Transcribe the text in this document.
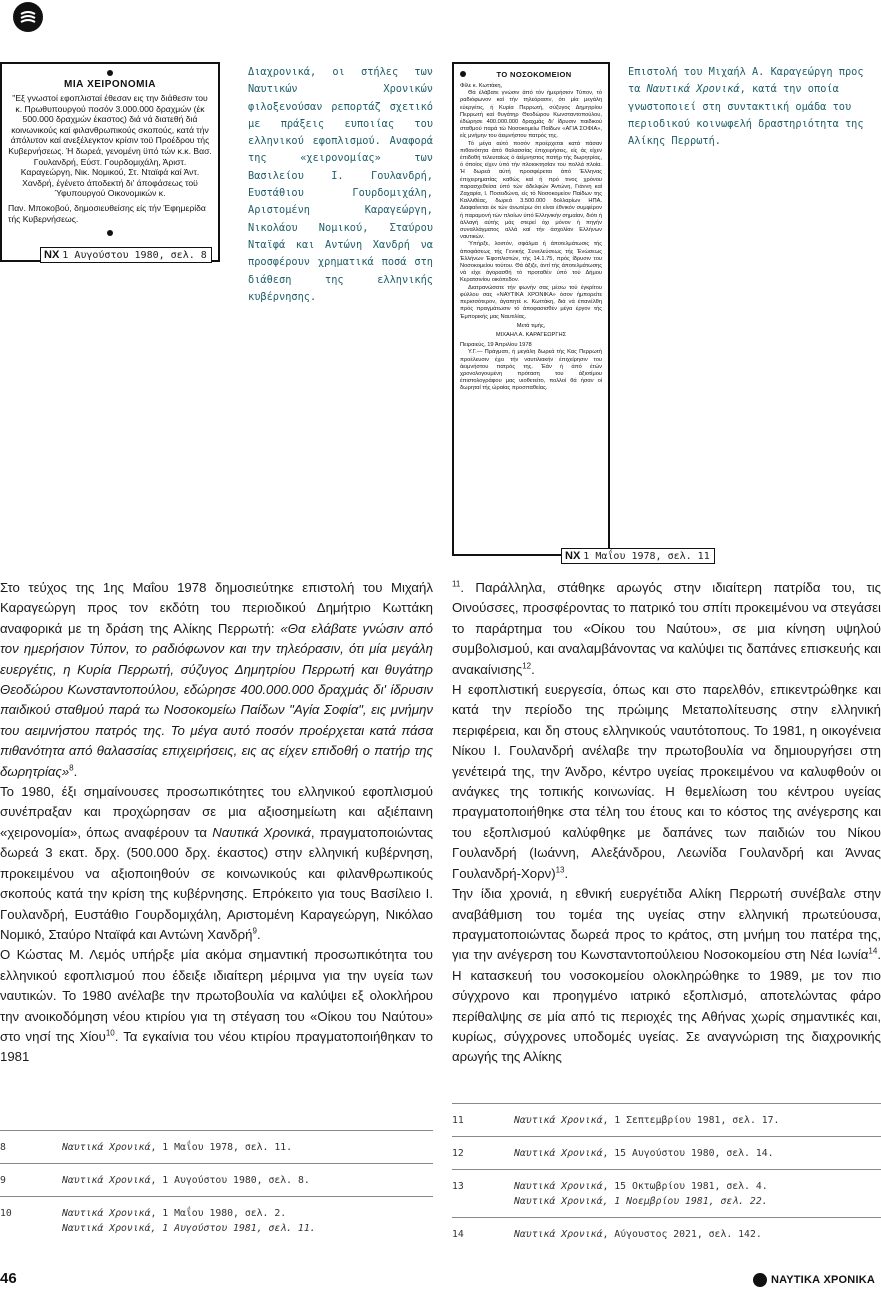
ΜΙΑ ΧΕΙΡΟΝΟΜΙΑ
"Εξ γνωστοί εφοπλισταί έθεσαν εις την διάθεσιν του κ. Πρωθυπουργού ποσόν 3.000.000 δραχμών (έκ 500.000 δραχμών έκαστος) διά νά διατεθή διά κοινωνικούς καί φιλανθρωπικούς σκοπούς, κατά τήν άπόλυτον καί ανεξέλεγκτον κρίσιν τοϋ Προέδρου τής Κυβερνήσεως. Ή δωρεά, γενομένη ϋπό τών κ.κ. Βασ. Γουλανδρή, Εύστ. Γουρδομιχάλη, Άριστ. Καραγεώργη, Νικ. Νομικού, Στ. Νταϊφά καί Άντ. Χανδρή, έγένετο άποδεκτή δι' άποφάσεως τοϋ Ύφυπουργού Οικονομικών κ.
Παν. Μποκοβού, δημοσιευθείσης είς τήν Έφημερίδα τής Κυβερνήσεως.
NX 1 Αυγούστου 1980, σελ. 8
Διαχρονικά, οι στήλες των Ναυτικών Χρονικών φιλοξενούσαν ρεπορτάζ σχετικό με πράξεις ευποιίας του ελληνικού εφοπλισμού. Αναφορά της «χειρονομίας» των Βασιλείου Ι. Γουλανδρή, Ευστάθιου Γουρδομιχάλη, Αριστομένη Καραγεώργη, Νικολάου Νομικού, Σταύρου Νταϊφά και Αντώνη Χανδρή να προσφέρουν χρηματικά ποσά στη διάθεση της ελληνικής κυβέρνησης.
ΤΟ ΝΟΣΟΚΟΜΕΙΟΝ
Φίλε κ. Κωττάκη,

Θά έλάβατε γνώσιν άπό τόν ήμερήσιον Τύπον, τό ραδιόφωνον καί τήν τηλεόρασιν, ότι μία μεγάλη εύεργέτις, ή Κυρία Περρωτή, σύζυγος Δημητρίου Περρωτή καί θυγάτηρ Θεοδώρου Κωνσταντοπούλου, έδώρησε 400.000.000 δραχμάς δι' ίδρυσιν παιδικού σταθμού παρά τώ Νοσοκομείω Παίδων «ΑΓΙΑ ΣΟΦΙΑ», είς μνήμην του άειμνήστου πατρός της.

Τό μέγα αύτό ποσόν προέρχεται κατά πάσαν πιθανότητα άπό θαλασσίας έπιχειρήσεις, είς άς είχεν έπιδοθή τελευταίως ό άείμνηστος πατήρ τής δωρητρίας, ό όποίος είχεν ύπό τήν πλοιοκτησίαν του πολλά πλοία. Ή δωρεά αύτή προσφέρεται άπό Έλληνας έπιχειρηματίας καθώς καί ή πρό τινος χρόνου παρασχεθείσα ύπό τών άδελφών Άντώνη, Γιάννη καί Ζαχαρία, Ι. Ποσειδώνα, είς τό Νοσοκομείον Παίδων της Καλλιθέας, δωρεά 3.500.000 δολλαρίων ΗΠΑ. Διαφαίνεται έκ τών άνωτέρω ότι είναι έθνικόν συμφέρον ή παραμονή τών πλοίων ύπό Ελληνικήν σημαίαν, διότι ή άλλαγή αύτής μάς στερεί όχι μόνον ή πηγήν συναλλάγματος αλλά καί τήν άσχολίαν Ελλήνων ναυτικών.

Ύπήρξε, λοιπόν, σφάλμα ή άποτελμάτωσις τής άποφάσεως τής Γενικής Συνελεύσεως τής Ένώσεως Έλλήνων Έφοπλιστών, τής 14.1.75, πρός ίδρυσιν του Νοσοκομείου τούτου. Θά άξιζε, άντί τής άποτελμάτωσης νά είχε άγορασθή τό προταθέν ύπό τού Δήμου Κερατσινίου οικόπεδον.

Διατρανώσατε τήν φωνήν σας μέσω τού έγκρίτου φύλλου σας «ΝΑΥΤΙΚΑ ΧΡΟΝΙΚΑ» όσον ήμπορείτε περισσότερον, άγαπητέ κ. Κωττάκη, διά νά έπανέλθη πρός πραγμάτωσιν τό άποφασισθέν μέγα έργον τής Έμπορικής μας Ναυτιλίας.

Μετά τιμής,
ΜΙΧΑΗΛ Α. ΚΑΡΑΓΕΩΡΓΗΣ
Πειραιεύς, 19 Άπριλίου 1978

Υ.Γ.— Πράγματι, ή μεγάλη δωρεά τής Κας Περρωτή προέλευσιν έχει τήν ναυτιλιακήν έπιχείρησιν του άειμνήστου πατρός της. Έάν ή άπό έτών χρονολογουμένη πρόταση του άξιοτίμου έπιστολογράφου μας υιοθετείτο, πολλοί θά ήσαν οί δωρηταί τής ώραίας προσπαθείας.

NX 1 Μαΐου 1978, σελ. 11
Επιστολή του Μιχαήλ Α. Καραγεώργη προς τα Ναυτικά Χρονικά, κατά την οποία γνωστοποιεί στη συντακτική ομάδα του περιοδικού κοινωφελή δραστηριότητα της Αλίκης Περρωτή.

Στο τεύχος της 1ης Μαΐου 1978 δημοσιεύτηκε επιστολή του Μιχαήλ Καραγεώργη προς τον εκδότη του περιοδικού Δημήτριο Κωττάκη αναφορικά με τη δράση της Αλίκης Περρωτή: «Θα ελάβατε γνώσιν από τον ημερήσιον Τύπον, το ραδιόφωνον και την τηλεόρασιν, ότι μία μεγάλη ευεργέτις, η Κυρία Περρωτή, σύζυγος Δημητρίου Περρωτή και θυγάτηρ Θεοδώρου Κωνσταντοπούλου, εδώρησε 400.000.000 δραχμάς δι' ίδρυσιν παιδικού σταθμού παρά τω Νοσοκομείω Παίδων "Αγία Σοφία", εις μνήμην του αειμνήστου πατρός της. Το μέγα αυτό ποσόν προέρχεται κατά πάσα πιθανότητα από θαλασσίας επιχειρήσεις, εις ας είχεν επιδοθή ο πατήρ της δωρητρίας»$^8$.

Το 1980, έξι σημαίνουσες προσωπικότητες του ελληνικού εφοπλισμού συνέπραξαν και προχώρησαν σε μια αξιοσημείωτη και αξιέπαινη «χειρονομία», όπως αναφέρουν τα Ναυτικά Χρονικά, πραγματοποιώντας δωρεά 3 εκατ. δρχ. (500.000 δρχ. έκαστος) στην ελληνική κυβέρνηση, προκειμένου να αξιοποιηθούν σε κοινωνικούς και φιλανθρωπικούς σκοπούς κατά την κρίση της κυβέρνησης. Επρόκειτο για τους Βασίλειο Ι. Γουλανδρή, Ευστάθιο Γουρδομιχάλη, Αριστομένη Καραγεώργη, Νικόλαο Νομικό, Σταύρο Νταϊφά και Αντώνη Χανδρή$^9$.

Ο Κώστας Μ. Λεμός υπήρξε μία ακόμα σημαντική προσωπικότητα του ελληνικού εφοπλισμού που έδειξε ιδιαίτερη μέριμνα για την υγεία των ναυτικών. Το 1980 ανέλαβε την πρωτοβουλία να καλύψει εξ ολοκλήρου την ανοικοδόμηση νέου κτιρίου για τη στέγαση του «Οίκου του Ναύτου» στο νησί της Χίου$^{10}$. Τα εγκαίνια του νέου κτιρίου πραγματοποιήθηκαν το 1981

$^{11}$. Παράλληλα, στάθηκε αρωγός στην ιδιαίτερη πατρίδα του, τις Οινούσσες, προσφέροντας το πατρικό του σπίτι προκειμένου να στεγάσει το παράρτημα του «Οίκου του Ναύτου», σε μια κίνηση υψηλού συμβολισμού, και αναλαμβάνοντας να καλύψει τις δαπάνες επισκευής και ανακαίνισης$^{12}$.

Η εφοπλιστική ευεργεσία, όπως και στο παρελθόν, επικεντρώθηκε και κατά την περίοδο της πρώιμης Μεταπολίτευσης στην ελληνική περιφέρεια, και δη στους ελληνικούς ναυτότοπους. Το 1981, η οικογένεια Νίκου Ι. Γουλανδρή ανέλαβε την πρωτοβουλία να δημιουργήσει στη γενέτειρά της, την Άνδρο, κέντρο υγείας προκειμένου να καλυφθούν οι ανάγκες της τοπικής κοινωνίας. Η θεμελίωση του κέντρου υγείας πραγματοποιήθηκε στα τέλη του έτους και το κόστος της ανέγερσης και του εξοπλισμού καλύφθηκε με δαπάνες των παιδιών του Νίκου Γουλανδρή (Ιωάννη, Αλεξάνδρου, Λεωνίδα Γουλανδρή και Άννας Γουλανδρή-Χορν)$^{13}$.

Την ίδια χρονιά, η εθνική ευεργέτιδα Αλίκη Περρωτή συνέβαλε στην αναβάθμιση του τομέα της υγείας στην ελληνική πρωτεύουσα, πραγματοποιώντας δωρεά προς το κράτος, στη μνήμη του πατέρα της, για την ανέγερση του Κωνσταντοπούλειου Νοσοκομείου στη Νέα Ιωνία$^{14}$. Η κατασκευή του νοσοκομείου ολοκληρώθηκε το 1989, με τον πιο σύγχρονο και προηγμένο ιατρικό εξοπλισμό, αποτελώντας φάρο περίθαλψης σε μία από τις περιοχές της Αθήνας χωρίς σημαντικές και, κυρίως, σύγχρονες υποδομές υγείας. Σε αναγνώριση της διαχρονικής αρωγής της Αλίκης

8	Ναυτικά Χρονικά, 1 Μαΐου 1978, σελ. 11.
9	Ναυτικά Χρονικά, 1 Αυγούστου 1980, σελ. 8.
10	Ναυτικά Χρονικά, 1 Μαΐου 1980, σελ. 2.
Ναυτικά Χρονικά, 1 Αυγούστου 1981, σελ. 11.
11	Ναυτικά Χρονικά, 1 Σεπτεμβρίου 1981, σελ. 17.
12	Ναυτικά Χρονικά, 15 Αυγούστου 1980, σελ. 14.
13	Ναυτικά Χρονικά, 15 Οκτωβρίου 1981, σελ. 4.
Ναυτικά Χρονικά, 1 Νοεμβρίου 1981, σελ. 22.
14	Ναυτικά Χρονικά, Αύγουστος 2021, σελ. 142.
46	ΝΑΥΤΙΚΑ ΧΡΟΝΙΚΑ
